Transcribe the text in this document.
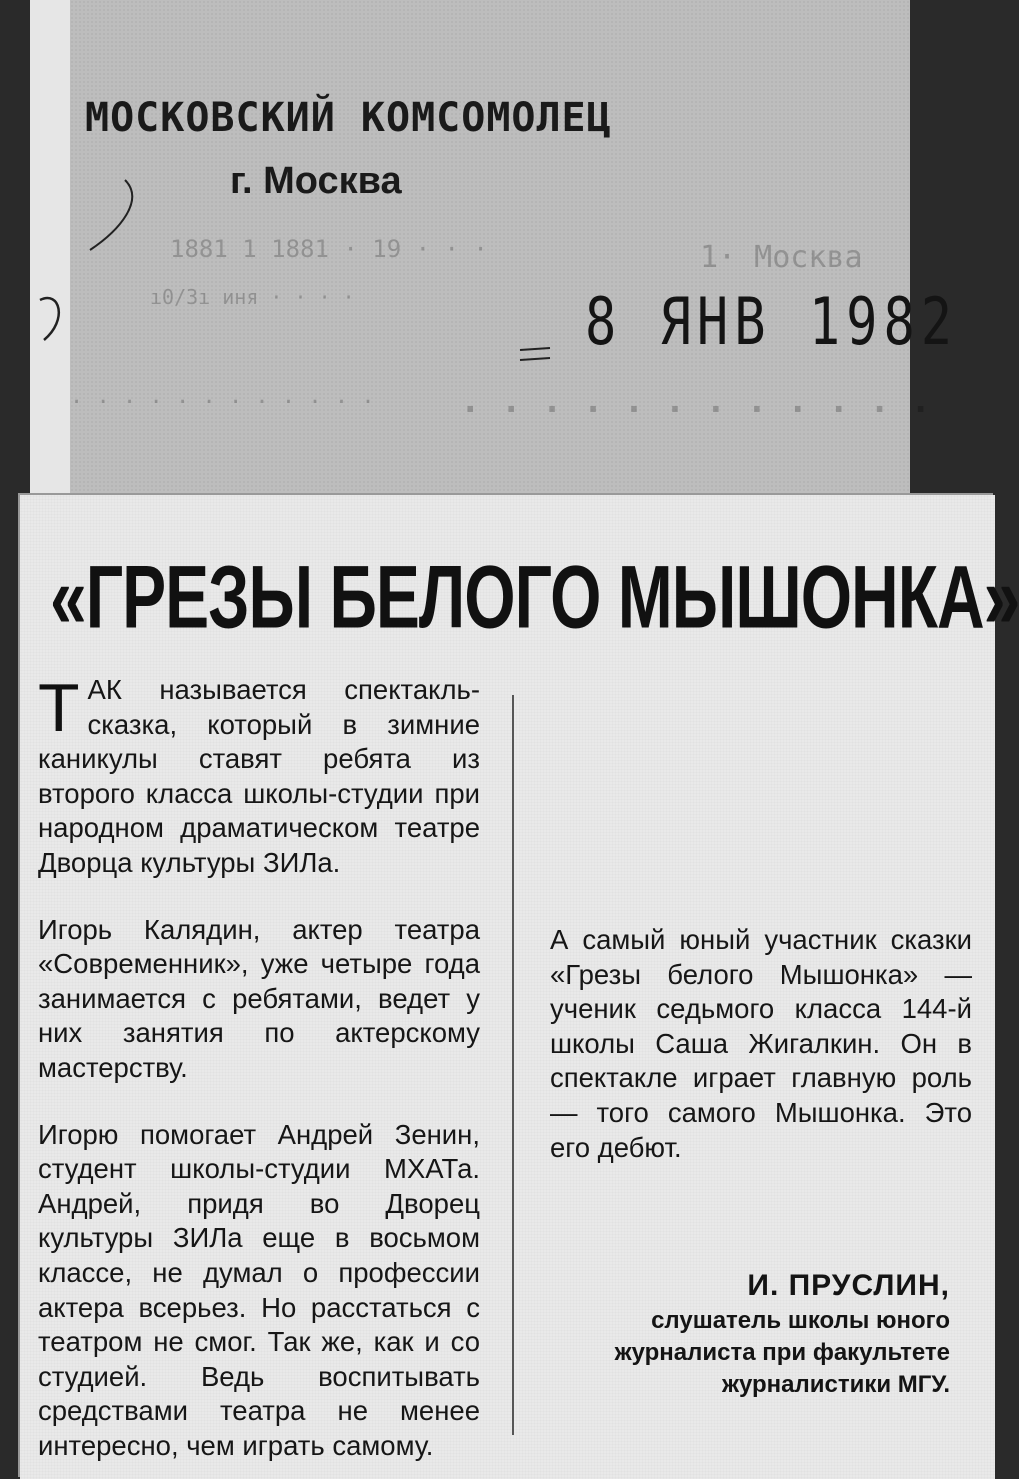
1881 1 1881 · 19 · · ·
ı0/3ı иня · · · ·
1· Москва
· · · · · · · · · · · ·	· · · · · · · · · · · ·
МОСКОВСКИЙ КОМСОМОЛЕЦ
г. Москва
8 ЯНВ 1982
«ГРЕЗЫ БЕЛОГО МЫШОНКА»

ТАК называется спектакль-сказка, который в зимние каникулы ставят ребята из второго класса школы-студии при народном драматическом театре Дворца культуры ЗИЛа.

Игорь Калядин, актер театра «Современник», уже четыре года занимается с ребятами, ведет у них занятия по актерскому мастерству.

Игорю помогает Андрей Зенин, студент школы-студии МХАТа. Андрей, придя во Дворец культуры ЗИЛа еще в восьмом классе, не думал о профессии актера всерьез. Но расстаться с театром не смог. Так же, как и со студией. Ведь воспитывать средствами театра не менее интересно, чем играть самому.

А самый юный участник сказки «Грезы белого Мышонка» — ученик седьмого класса 144-й школы Саша Жигалкин. Он в спектакле играет главную роль — того самого Мышонка. Это его дебют.

И. ПРУСЛИН,
слушатель школы юного журналиста при факультете журналистики МГУ.
